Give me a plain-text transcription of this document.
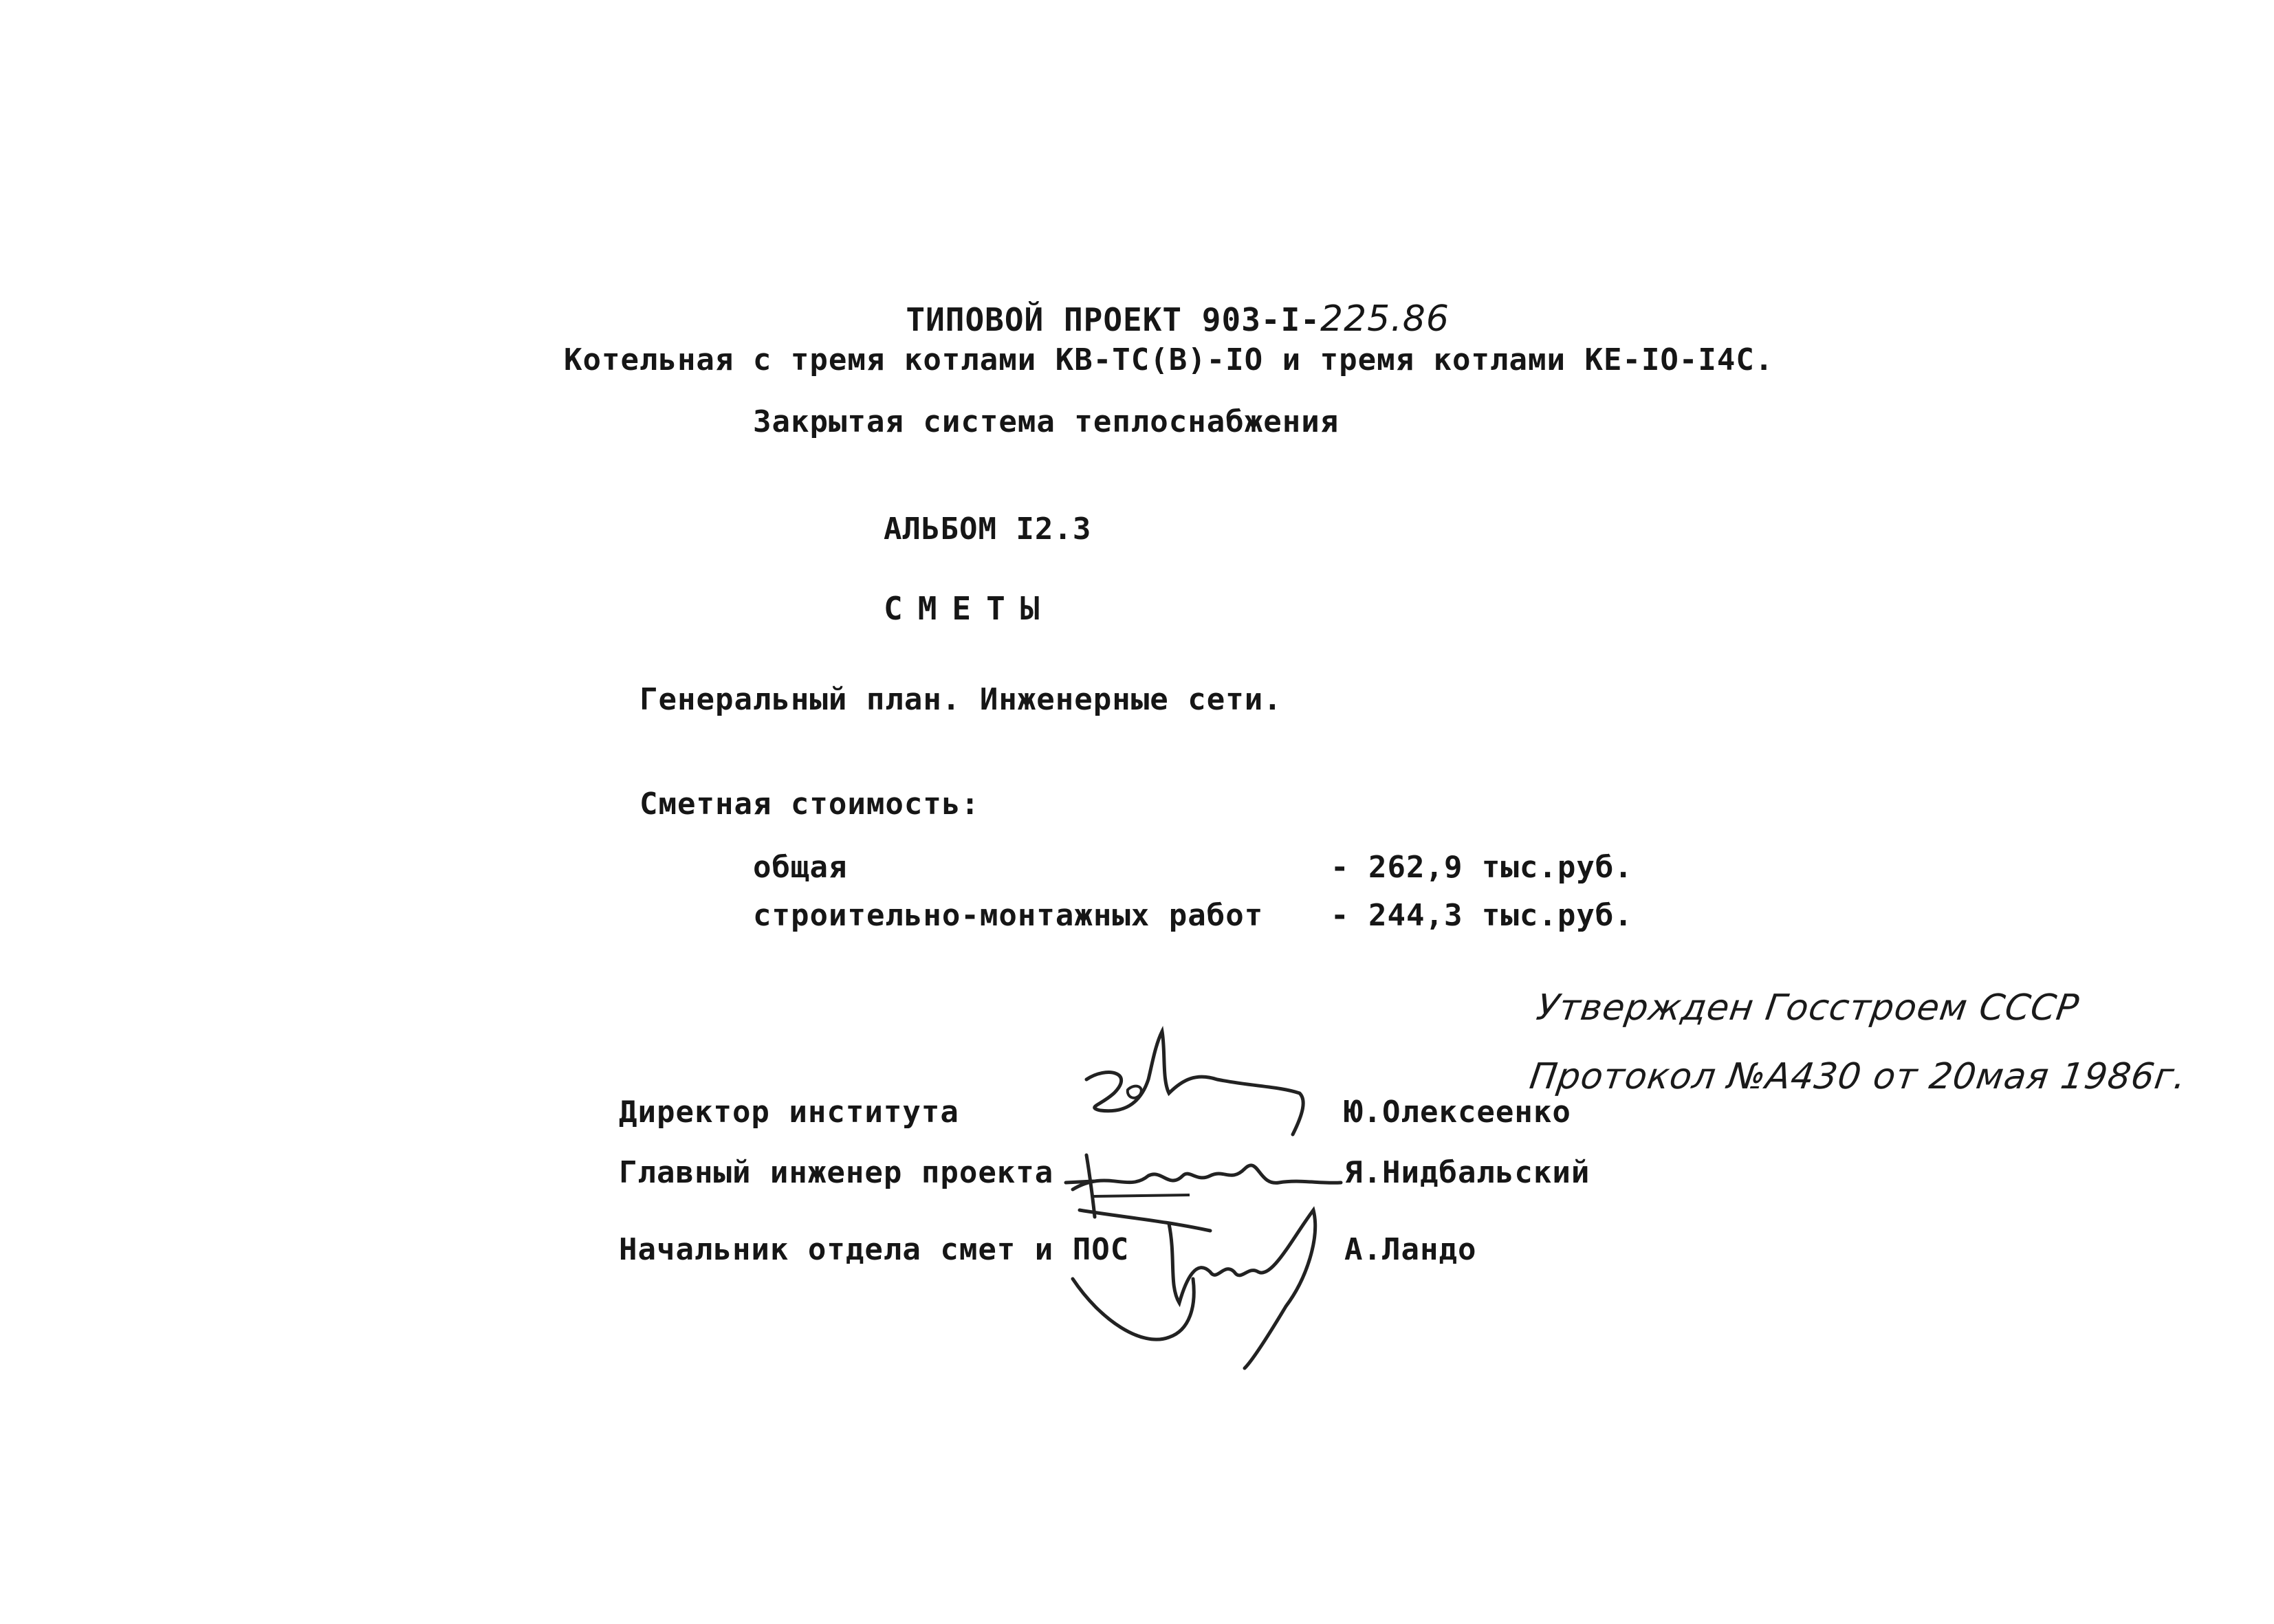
ТИПОВОЙ ПРОЕКТ 903-I-225.86

Котельная с тремя котлами КВ-ТС(В)-IO и тремя котлами КЕ-IO-I4С.
Закрытая система теплоснабжения
АЛЬБОМ I2.3
СМЕТЫ
Генеральный план. Инженерные сети.
Сметная стоимость:
общая	- 262,9 тыс.руб.
строительно-монтажных работ - 244,3 тыс.руб.
Утвержден Госстроем СССР
Протокол №А430 от 20мая 1986г.
Директор института	Ю.Олексеенко
Главный инженер проекта	Я.Нидбальский
Начальник отдела смет и ПОС	А.Ландо
